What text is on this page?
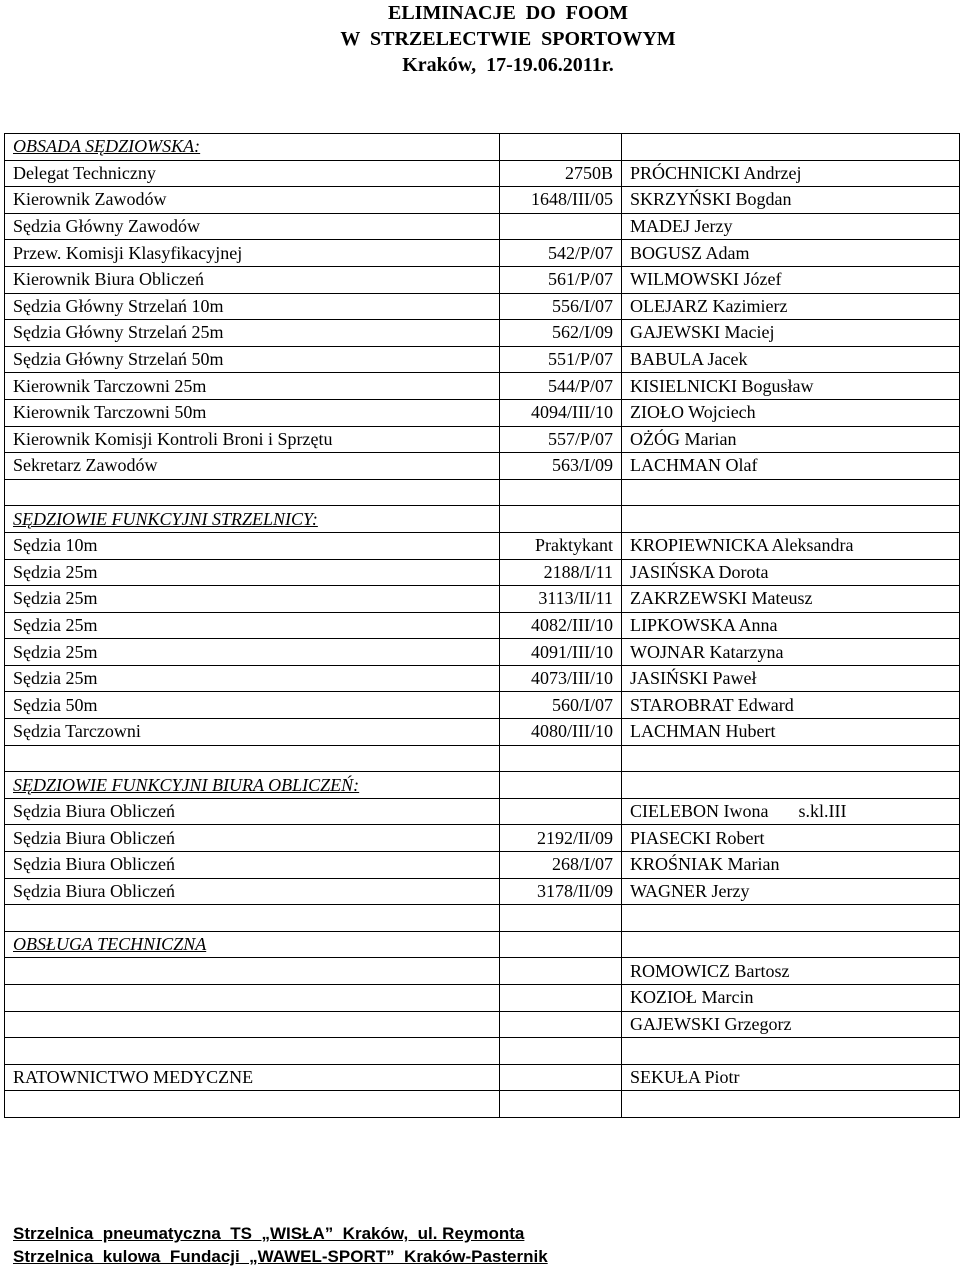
ELIMINACJE  DO  FOOM
W  STRZELECTWIE  SPORTOWYM
Kraków,  17-19.06.2011r.
OBSADA SĘDZIOWSKA:		
Delegat Techniczny	2750B	PRÓCHNICKI Andrzej
Kierownik Zawodów	1648/III/05	SKRZYŃSKI Bogdan
Sędzia Główny Zawodów		MADEJ Jerzy
Przew. Komisji Klasyfikacyjnej	542/P/07	BOGUSZ Adam
Kierownik Biura Obliczeń	561/P/07	WILMOWSKI Józef
Sędzia Główny Strzelań 10m	556/I/07	OLEJARZ Kazimierz
Sędzia Główny Strzelań 25m	562/I/09	GAJEWSKI Maciej
Sędzia Główny Strzelań 50m	551/P/07	BABULA Jacek
Kierownik Tarczowni 25m	544/P/07	KISIELNICKI Bogusław
Kierownik Tarczowni 50m	4094/III/10	ZIOŁO Wojciech
Kierownik Komisji Kontroli Broni i Sprzętu	557/P/07	OŻÓG Marian
Sekretarz Zawodów	563/I/09	LACHMAN Olaf

SĘDZIOWIE FUNKCYJNI STRZELNICY:		
Sędzia 10m	Praktykant	KROPIEWNICKA Aleksandra
Sędzia 25m	2188/I/11	JASIŃSKA Dorota
Sędzia 25m	3113/II/11	ZAKRZEWSKI Mateusz
Sędzia 25m	4082/III/10	LIPKOWSKA Anna
Sędzia 25m	4091/III/10	WOJNAR Katarzyna
Sędzia 25m	4073/III/10	JASIŃSKI Paweł
Sędzia 50m	560/I/07	STAROBRAT Edward
Sędzia Tarczowni	4080/III/10	LACHMAN Hubert

SĘDZIOWIE FUNKCYJNI BIURA OBLICZEŃ:		
Sędzia Biura Obliczeń		CIELEBON Iwona s.kl.III
Sędzia Biura Obliczeń	2192/II/09	PIASECKI Robert
Sędzia Biura Obliczeń	268/I/07	KROŚNIAK Marian
Sędzia Biura Obliczeń	3178/II/09	WAGNER Jerzy

OBSŁUGA TECHNICZNA		
		ROMOWICZ Bartosz
		KOZIOŁ Marcin
		GAJEWSKI Grzegorz

RATOWNICTWO MEDYCZNE		SEKUŁA Piotr

Strzelnica  pneumatyczna  TS  „WISŁA”  Kraków,  ul. Reymonta
Strzelnica  kulowa  Fundacji  „WAWEL-SPORT”  Kraków-Pasternik
